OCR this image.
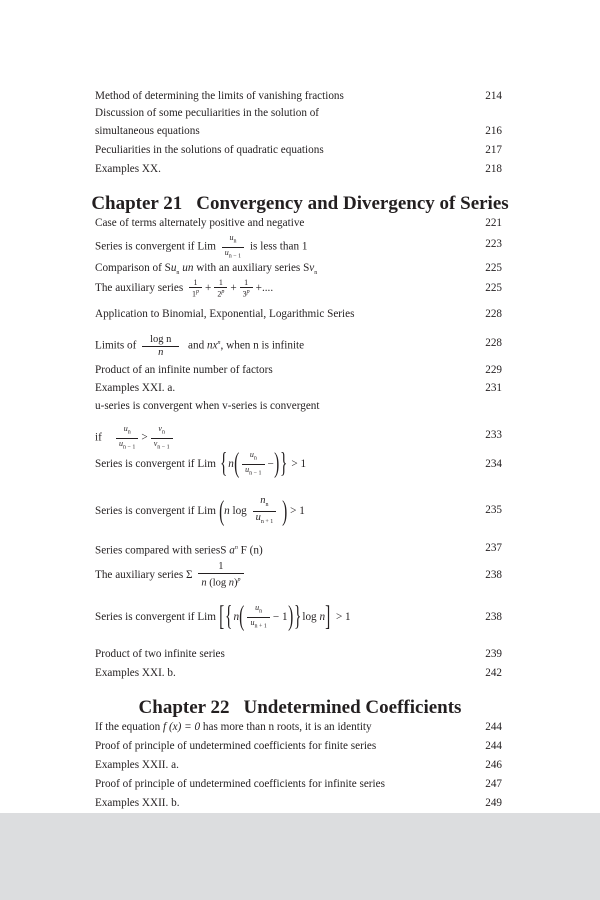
Method of determining the limits of vanishing fractions	214
Discussion of some peculiarities in the solution of
simultaneous equations	216
Peculiarities in the solutions of quadratic equations	217
Examples XX.	218
Chapter 21 Convergency and Divergency of Series
Case of terms alternately positive and negative	221
Series is convergent if Lim $\frac{u_n}{u_{n - 1}}$ is less than 1	223
Comparison of $Su_n$ un with an auxiliary series $Sv_n$	225
The auxiliary series $\frac{1}{1^p} + \frac{1}{2^p} + \frac{1}{3^p}$ +....	225
Application to Binomial, Exponential, Logarithmic Series	228
Limits of $\frac{\text{log n}}{n}$ and $nx^n$, when n is infinite	228
Product of an infinite number of factors	229
Examples XXI. a.	231
u-series is convergent when v-series is convergent
if $\frac{u_n}{u_{n - 1}} > \frac{v_n}{v_{n - 1}}$	233
Series is convergent if Lim {$n( \frac{u_n}{u_{n - 1}}$ −)} > 1	234
Series is convergent if Lim (n $\log \frac{n_n}{u_{n + 1}}$ ) > 1	235
Series compared with seriesS $a^n$ F (n)	237
The auxiliary series Σ $\frac{1}{n (\log n)^p}$	238
Series is convergent if Lim [$\{n( \frac{u_n}{u_{n + 1}} - 1)\}\log$ n] > 1	238
Product of two infinite series	239
Examples XXI. b.	242
Chapter 22 Undetermined Coefficients
If the equation f (x) = 0 has more than n roots, it is an identity	244
Proof of principle of undetermined coefficients for finite series	244
Examples XXII. a.	246
Proof of principle of undetermined coefficients for infinite series	247
Examples XXII. b.	249
